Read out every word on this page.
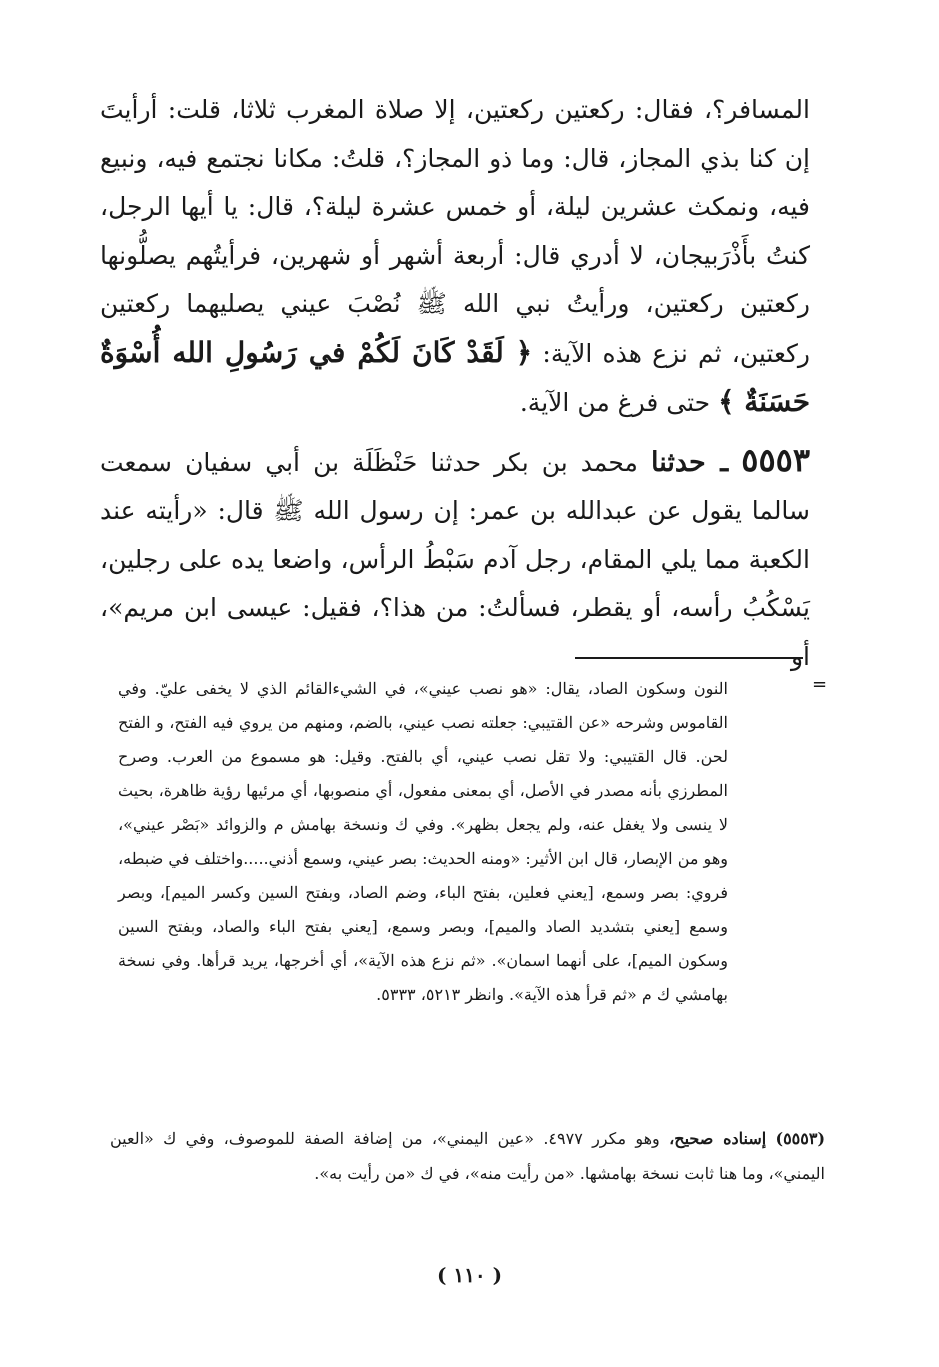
المسافر؟، فقال: ركعتين ركعتين، إلا صلاة المغرب ثلاثا، قلت: أرأيتَ إن كنا بذي المجاز، قال: وما ذو المجاز؟، قلتُ: مكانا نجتمع فيه، ونبيع فيه، ونمكث عشرين ليلة، أو خمس عشرة ليلة؟، قال: يا أيها الرجل، كنتُ بأَذْرَبيجان، لا أدري قال: أربعة أشهر أو شهرين، فرأيتُهم يصلُّونها ركعتين ركعتين، ورأيتُ نبي الله ﷺ نُصْبَ عيني يصليهما ركعتين ركعتين، ثم نزع هذه الآية: ﴿ لَقَدْ كَانَ لَكُمْ في رَسُولِ الله أُسْوَةٌ حَسَنَةٌ ﴾ حتى فرغ من الآية.

٥٥٥٣ ـ حدثنا محمد بن بكر حدثنا حَنْظَلَة بن أبي سفيان سمعت سالما يقول عن عبدالله بن عمر: إن رسول الله ﷺ قال: «رأيته عند الكعبة مما يلي المقام، رجل آدم سَبْطُ الرأس، واضعا يده على رجلين، يَسْكُبُ رأسه، أو يقطر، فسألتُ: من هذا؟، فقيل: عيسى ابن مريم»، أو

=

النون وسكون الصاد، يقال: «هو نصب عيني»، في الشيءالقائم الذي لا يخفى عليّ. وفي القاموس وشرحه «عن القتيبي: جعلته نصب عيني، بالضم، ومنهم من يروي فيه الفتح، و الفتح لحن. قال القتيبي: ولا تقل نصب عيني، أي بالفتح. وقيل: هو مسموع من العرب. وصرح المطرزي بأنه مصدر في الأصل، أي بمعنى مفعول، أي منصوبها، أي مرئيها رؤية ظاهرة، بحيث لا ينسى ولا يغفل عنه، ولم يجعل بظهر». وفي ك ونسخة بهامش م والزوائد «بَصْر عيني»، وهو من الإبصار، قال ابن الأثير: «ومنه الحديث: بصر عيني، وسمع أذني.....واختلف في ضبطه، فروي: بصر وسمع، [يعني فعلين، بفتح الباء، وضم الصاد، وبفتح السين وكسر الميم]، وبصر وسمع [يعني بتشديد الصاد والميم]، وبصر وسمع، [يعني بفتح الباء والصاد، وبفتح السين وسكون الميم]، على أنهما اسمان». «ثم نزع هذه الآية»، أي أخرجها، يريد قرأها. وفي نسخة بهامشي ك م «ثم قرأ هذه الآية». وانظر ٥٢١٣، ٥٣٣٣.

(٥٥٥٣) إسناده صحيح، وهو مكرر ٤٩٧٧. «عين اليمني»، من إضافة الصفة للموصوف، وفي ك «العين اليمني»، وما هنا ثابت نسخة بهامشها. «من رأيت منه»، في ك «من رأيت به».

( ١١٠ )
